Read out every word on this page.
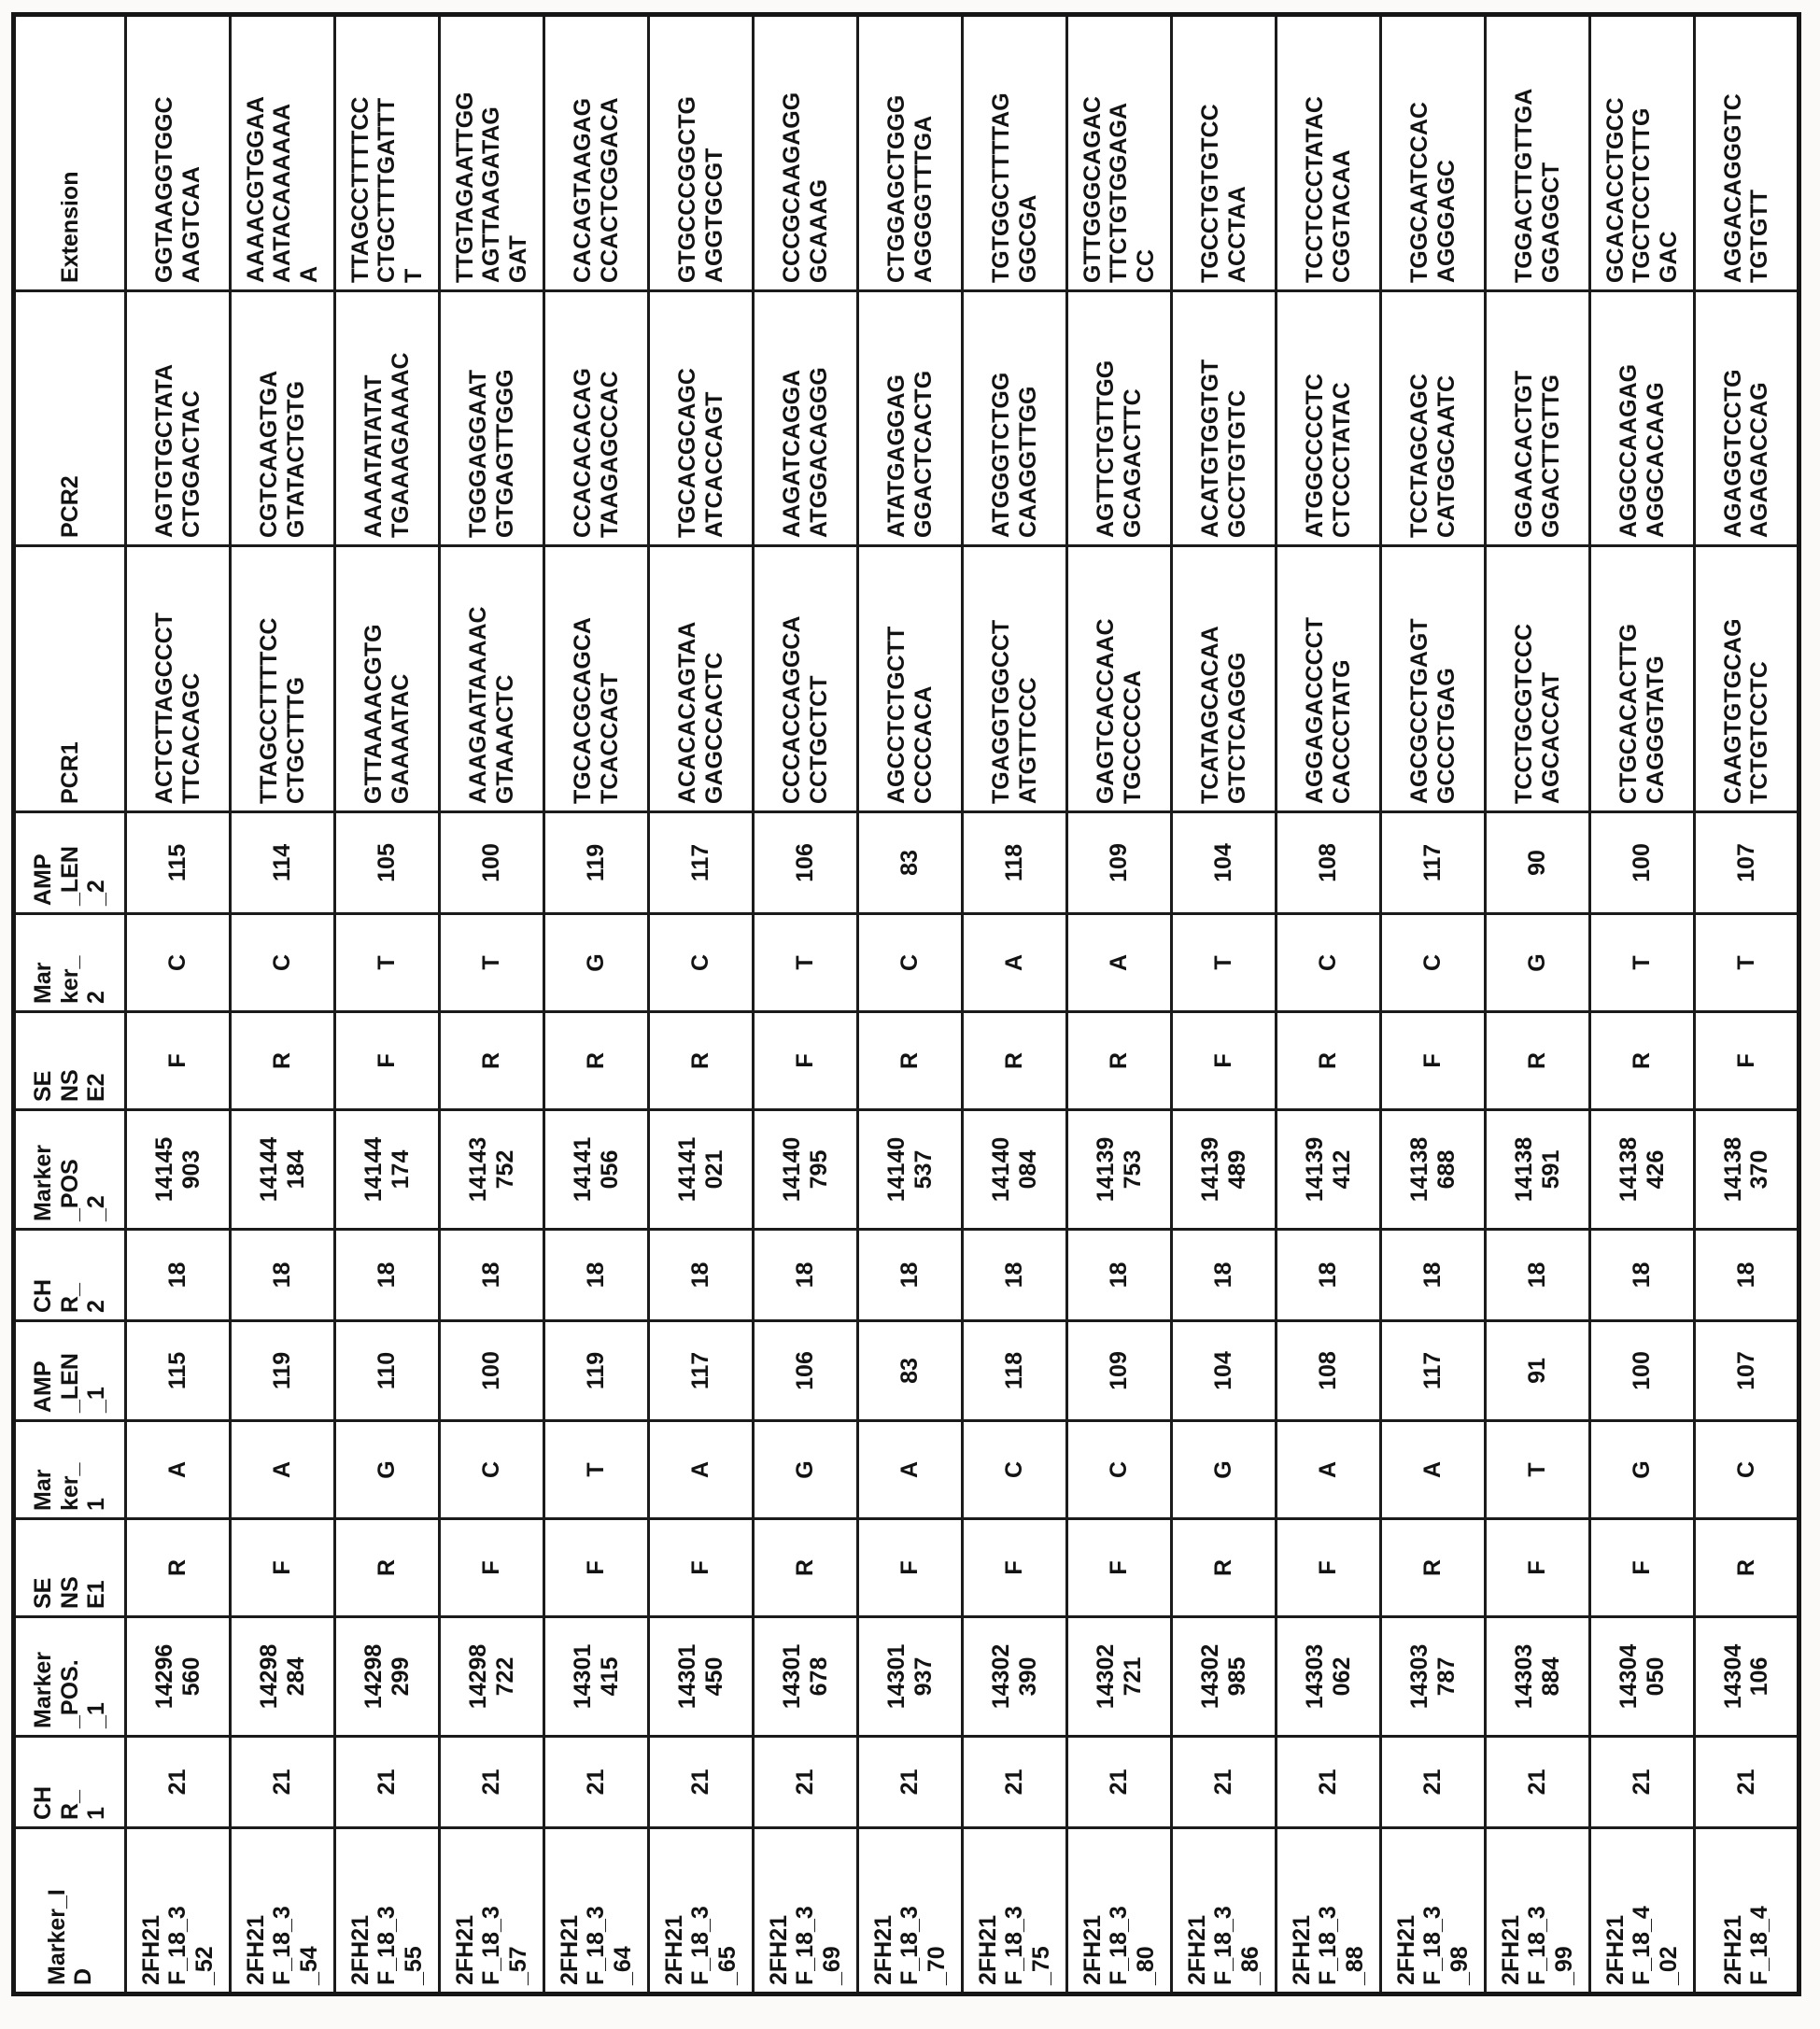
Marker_I
D	CH
R_
1	Marker
_POS.
_1	SE
NS
E1	Mar
ker_
1	AMP
_LEN
_1	CH
R_
2	Marker
_POS
_2	SE
NS
E2	Mar
ker_
2	AMP
_LEN
_2	PCR1	PCR2	Extension
2FH21
F_18_3
_52	21	14296
560	R	A	115	18	14145
903	F	C	115	ACTCTTAGCCCT
TTCACAGC	AGTGTGCTATA
CTGGACTAC	GGTAAGGTGGC
AAGTCAA
2FH21
F_18_3
_54	21	14298
284	F	A	119	18	14144
184	R	C	114	TTAGCCTTTTCC
CTGCTTTG	CGTCAAGTGA
GTATACTGTG	AAAACGTGGAA
AATACAAAAAA
A
2FH21
F_18_3
_55	21	14298
299	R	G	110	18	14144
174	F	T	105	GTTAAAACGTG
GAAAATAC	AAAATATATAT
TGAAAGAAAAC	TTAGCCTTTTCC
CTGCTTTGATTT
T
2FH21
F_18_3
_57	21	14298
722	F	C	100	18	14143
752	R	T	100	AAAGAATAAAAC
GTAAACTC	TGGGAGGAAT
GTGAGTTGGG	TTGTAGAATTGG
AGTTAAGATAG
GAT
2FH21
F_18_3
_64	21	14301
415	F	T	119	18	14141
056	R	G	119	TGCACGCAGCA
TCACCAGT	CCACACACAG
TAAGAGCCAC	CACAGTAAGAG
CCACTCGGACA
2FH21
F_18_3
_65	21	14301
450	F	A	117	18	14141
021	R	C	117	ACACACAGTAA
GAGCCACTC	TGCACGCAGC
ATCACCAGT	GTGCCCGGCTG
AGGTGCGT
2FH21
F_18_3
_69	21	14301
678	R	G	106	18	14140
795	F	T	106	CCCACCAGGCA
CCTGCTCT	AAGATCAGGA
ATGGACAGGG	CCCGCAAGAGG
GCAAAG
2FH21
F_18_3
_70	21	14301
937	F	A	83	18	14140
537	R	C	83	AGCCTCTGCTT
CCCCACA	ATATGAGGAG
GGACTCACTG	CTGGAGCTGGG
AGGGGTTTGA
2FH21
F_18_3
_75	21	14302
390	F	C	118	18	14140
084	R	A	118	TGAGGTGGCCT
ATGTTCCC	ATGGGTCTGG
CAAGGTTGG	TGTGGCTTTTAG
GGCGA
2FH21
F_18_3
_80	21	14302
721	F	C	109	18	14139
753	R	A	109	GAGTCACCAAC
TGCCCCCA	AGTTCTGTTGG
GCAGACTTC	GTTGGGCAGAC
TTCTGTGGAGA
CC
2FH21
F_18_3
_86	21	14302
985	R	G	104	18	14139
489	F	T	104	TCATAGCACAA
GTCTCAGGG	ACATGTGGTGT
GCCTGTGTC	TGCCTGTGTCC
ACCTAA
2FH21
F_18_3
_88	21	14303
062	F	A	108	18	14139
412	R	C	108	AGGAGACCCCT
CACCCTATG	ATGGCCCCTC
CTCCCTATAC	TCCTCCCTATAC
CGGTACAA
2FH21
F_18_3
_98	21	14303
787	R	A	117	18	14138
688	F	C	117	AGCGCCTGAGT
GCCCTGAG	TCCTAGCAGC
CATGGCAATC	TGGCAATCCAC
AGGGAGC
2FH21
F_18_3
_99	21	14303
884	F	T	91	18	14138
591	R	G	90	TCCTGCGTCCC
AGCACCAT	GGAACACTGT
GGACTTGTTG	TGGACTTGTTGA
GGAGGCT
2FH21
F_18_4
_02	21	14304
050	F	G	100	18	14138
426	R	T	100	CTGCACACTTG
CAGGGTATG	AGGCCAAGAG
AGGCACAAG	GCACACCTGCC
TGCTCCTCTTG
GAC
2FH21
F_18_4	21	14304
106	R	C	107	18	14138
370	F	T	107	CAAGTGTGCAG
TCTGTCCTC	AGAGGTCCTG
AGAGACCAG	AGGACAGGGTC
TGTGTT
